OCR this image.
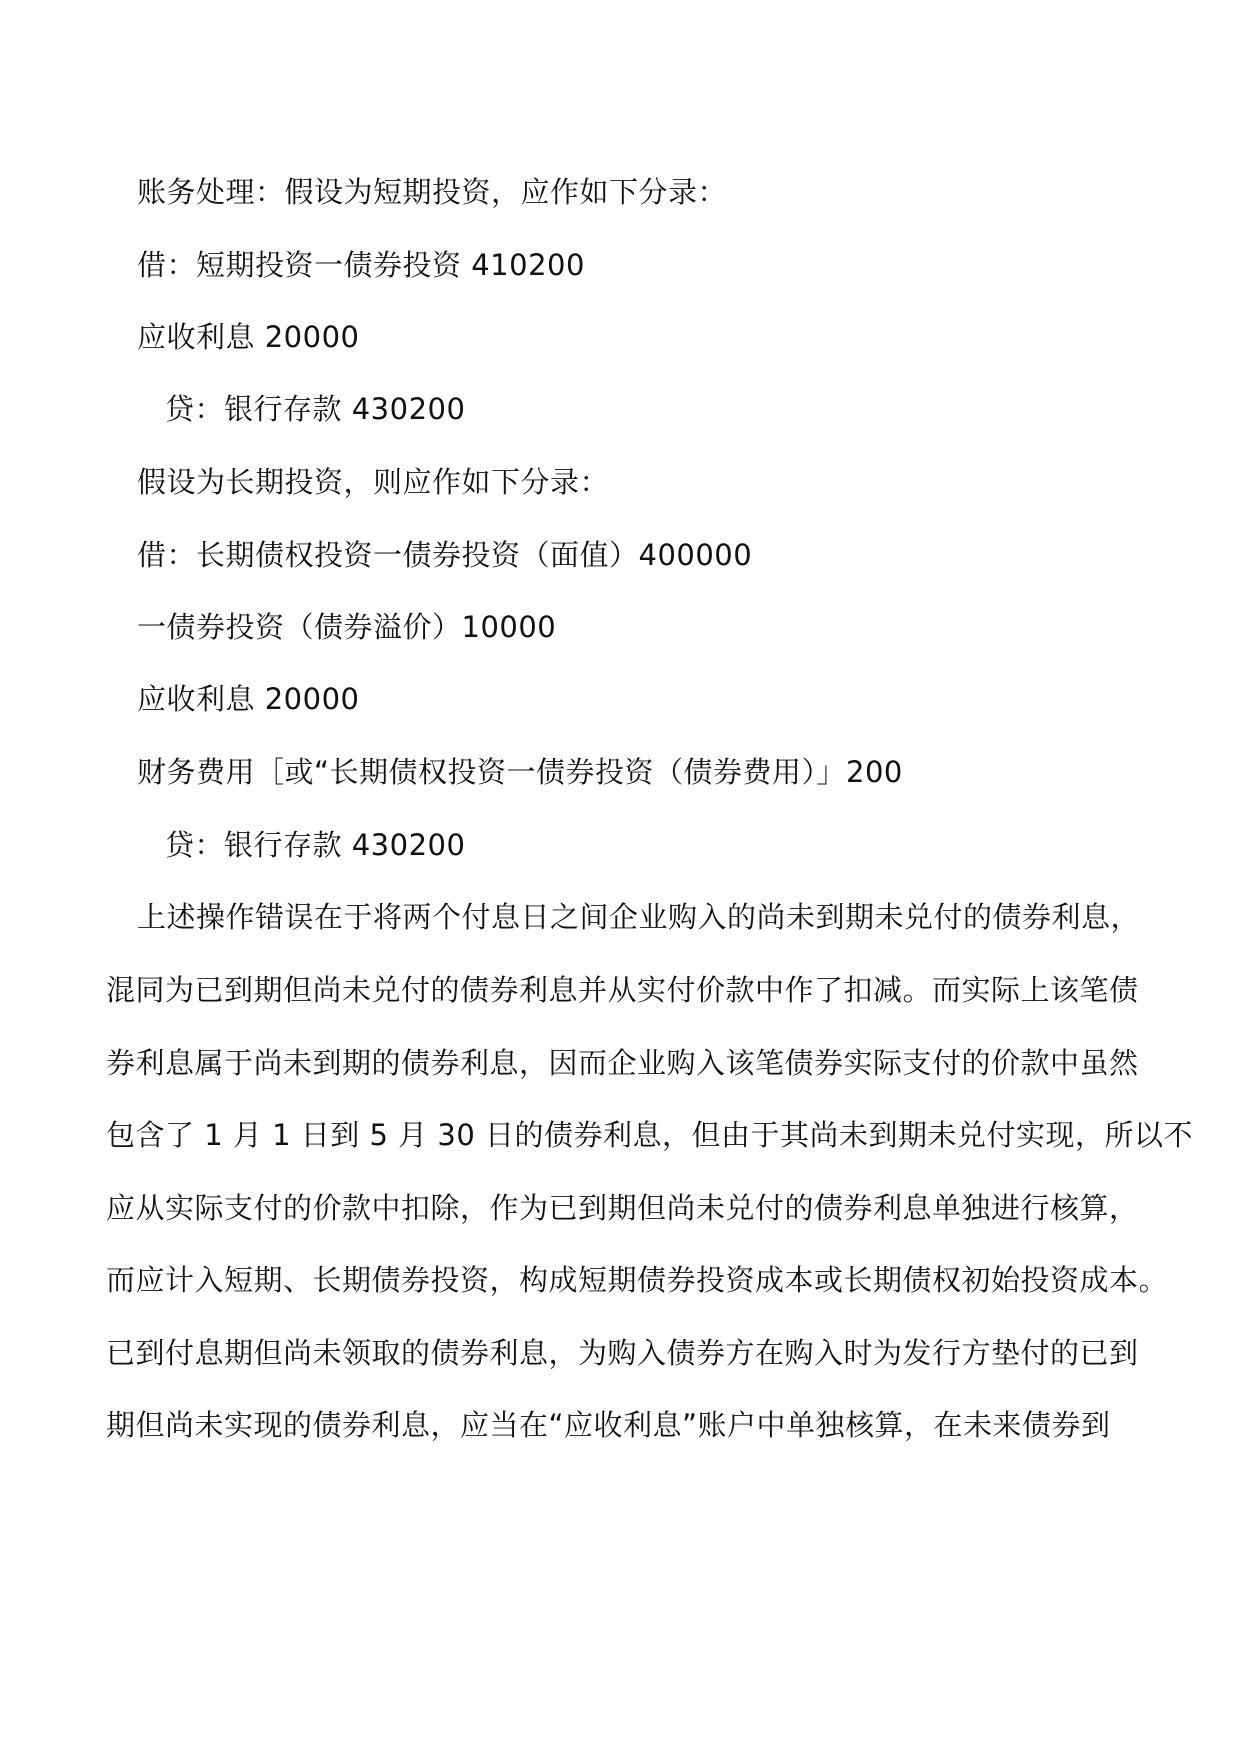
账务处理：假设为短期投资，应作如下分录：
借：短期投资一债券投资 410200
应收利息 20000
贷：银行存款 430200
假设为长期投资，则应作如下分录：
借：长期债权投资一债券投资（面值）400000
一债券投资（债券溢价）10000
应收利息 20000
财务费用［或“长期债权投资一债券投资（债券费用）」200
贷：银行存款 430200
上述操作错误在于将两个付息日之间企业购入的尚未到期未兑付的债券利息，
混同为已到期但尚未兑付的债券利息并从实付价款中作了扣减。而实际上该笔债
券利息属于尚未到期的债券利息，因而企业购入该笔债券实际支付的价款中虽然
包含了 1 月 1 日到 5 月 30 日的债券利息，但由于其尚未到期未兑付实现，所以不
应从实际支付的价款中扣除，作为已到期但尚未兑付的债券利息单独进行核算，
而应计入短期、长期债券投资，构成短期债券投资成本或长期债权初始投资成本。
已到付息期但尚未领取的债券利息，为购入债券方在购入时为发行方垫付的已到
期但尚未实现的债券利息，应当在“应收利息”账户中单独核算，在未来债券到
